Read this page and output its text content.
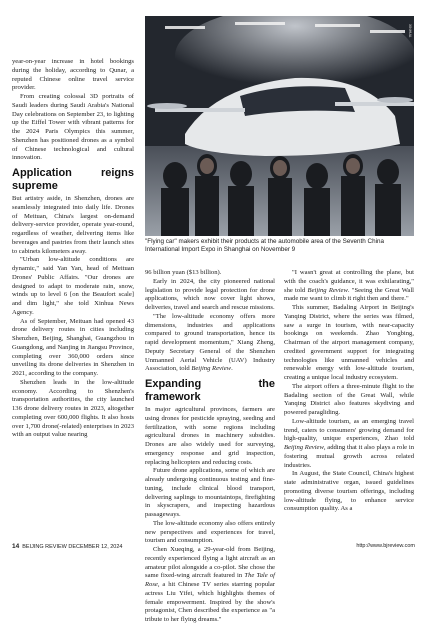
XINHUA
"Flying car" makers exhibit their products at the automobile area of the Seventh China International Import Expo in Shanghai on November 9

year-on-year increase in hotel bookings during the holiday, according to Qunar, a reputed Chinese online travel service provider.

From creating colossal 3D portraits of Saudi leaders during Saudi Arabia's National Day celebrations on September 23, to lighting up the Eiffel Tower with vibrant patterns for the 2024 Paris Olympics this summer, Shenzhen has positioned drones as a symbol of Chinese technological and cultural innovation.

Application reigns supreme

But artistry aside, in Shenzhen, drones are seamlessly integrated into daily life. Drones of Meituan, China's largest on-demand delivery-service provider, operate year-round, regardless of weather, delivering items like beverages and pastries from their launch sites to cabinets kilometers away.

"Urban low-altitude conditions are dynamic," said Yan Yan, head of Meituan Drones' Public Affairs. "Our drones are designed to adapt to moderate rain, snow, winds up to level 6 [on the Beaufort scale] and dim light," she told Xinhua News Agency.

As of September, Meituan had opened 43 drone delivery routes in cities including Shenzhen, Beijing, Shanghai, Guangzhou in Guangdong, and Nanjing in Jiangsu Province, completing over 360,000 orders since unveiling its drone deliveries in Shenzhen in 2021, according to the company.

Shenzhen leads in the low-altitude economy. According to Shenzhen's transportation authorities, the city launched 136 drone delivery routes in 2023, altogether completing over 600,000 flights. It also hosts over 1,700 drone(-related) enterprises in 2023 with an output value nearing

96 billion yuan ($13 billion).

Early in 2024, the city pioneered national legislation to provide legal protection for drone applications, which now cover light shows, deliveries, travel and search and rescue missions.

"The low-altitude economy offers more dimensions, industries and applications compared to ground transportation, hence its rapid development momentum," Xiang Zheng, Deputy Secretary General of the Shenzhen Unmanned Aerial Vehicle (UAV) Industry Association, told Beijing Review.

Expanding the framework

In major agricultural provinces, farmers are using drones for pesticide spraying, seeding and fertilization, with some regions including agricultural drones in machinery subsidies. Drones are also widely used for surveying, emergency response and grid inspection, replacing helicopters and reducing costs.

Future drone applications, some of which are already undergoing continuous testing and fine-tuning, include clinical blood transport, delivering saplings to mountaintops, firefighting in skyscrapers, and inspecting hazardous passageways.

The low-altitude economy also offers entirely new perspectives and experiences for travel, tourism and consumption.

Chen Xueqing, a 29-year-old from Beijing, recently experienced flying a light aircraft as an amateur pilot alongside a co-pilot. She chose the same fixed-wing aircraft featured in The Tale of Rose, a hit Chinese TV series starring popular actress Liu Yifei, which highlights themes of female empowerment. Inspired by the show's protagonist, Chen described the experience as "a tribute to her flying dreams."

"I wasn't great at controlling the plane, but with the coach's guidance, it was exhilarating," she told Beijing Review. "Seeing the Great Wall made me want to climb it right then and there."

This summer, Badaling Airport in Beijing's Yanqing District, where the series was filmed, saw a surge in tourism, with near-capacity bookings on weekends. Zhao Yongbing, Chairman of the airport management company, credited government support for integrating technologies like unmanned vehicles and renewable energy with low-altitude tourism, creating a unique local industry ecosystem.

The airport offers a three-minute flight to the Badaling section of the Great Wall, while Yanqing District also features skydiving and powered paragliding.

Low-altitude tourism, as an emerging travel trend, caters to consumers' growing demand for high-quality, unique experiences, Zhao told Beijing Review, adding that it also plays a role in fostering mutual growth across related industries.

In August, the State Council, China's highest state administrative organ, issued guidelines promoting diverse tourism offerings, including low-altitude flying, to enhance service consumption quality. As a

14 BEIJING REVIEW DECEMBER 12, 2024	http://www.bjreview.com
